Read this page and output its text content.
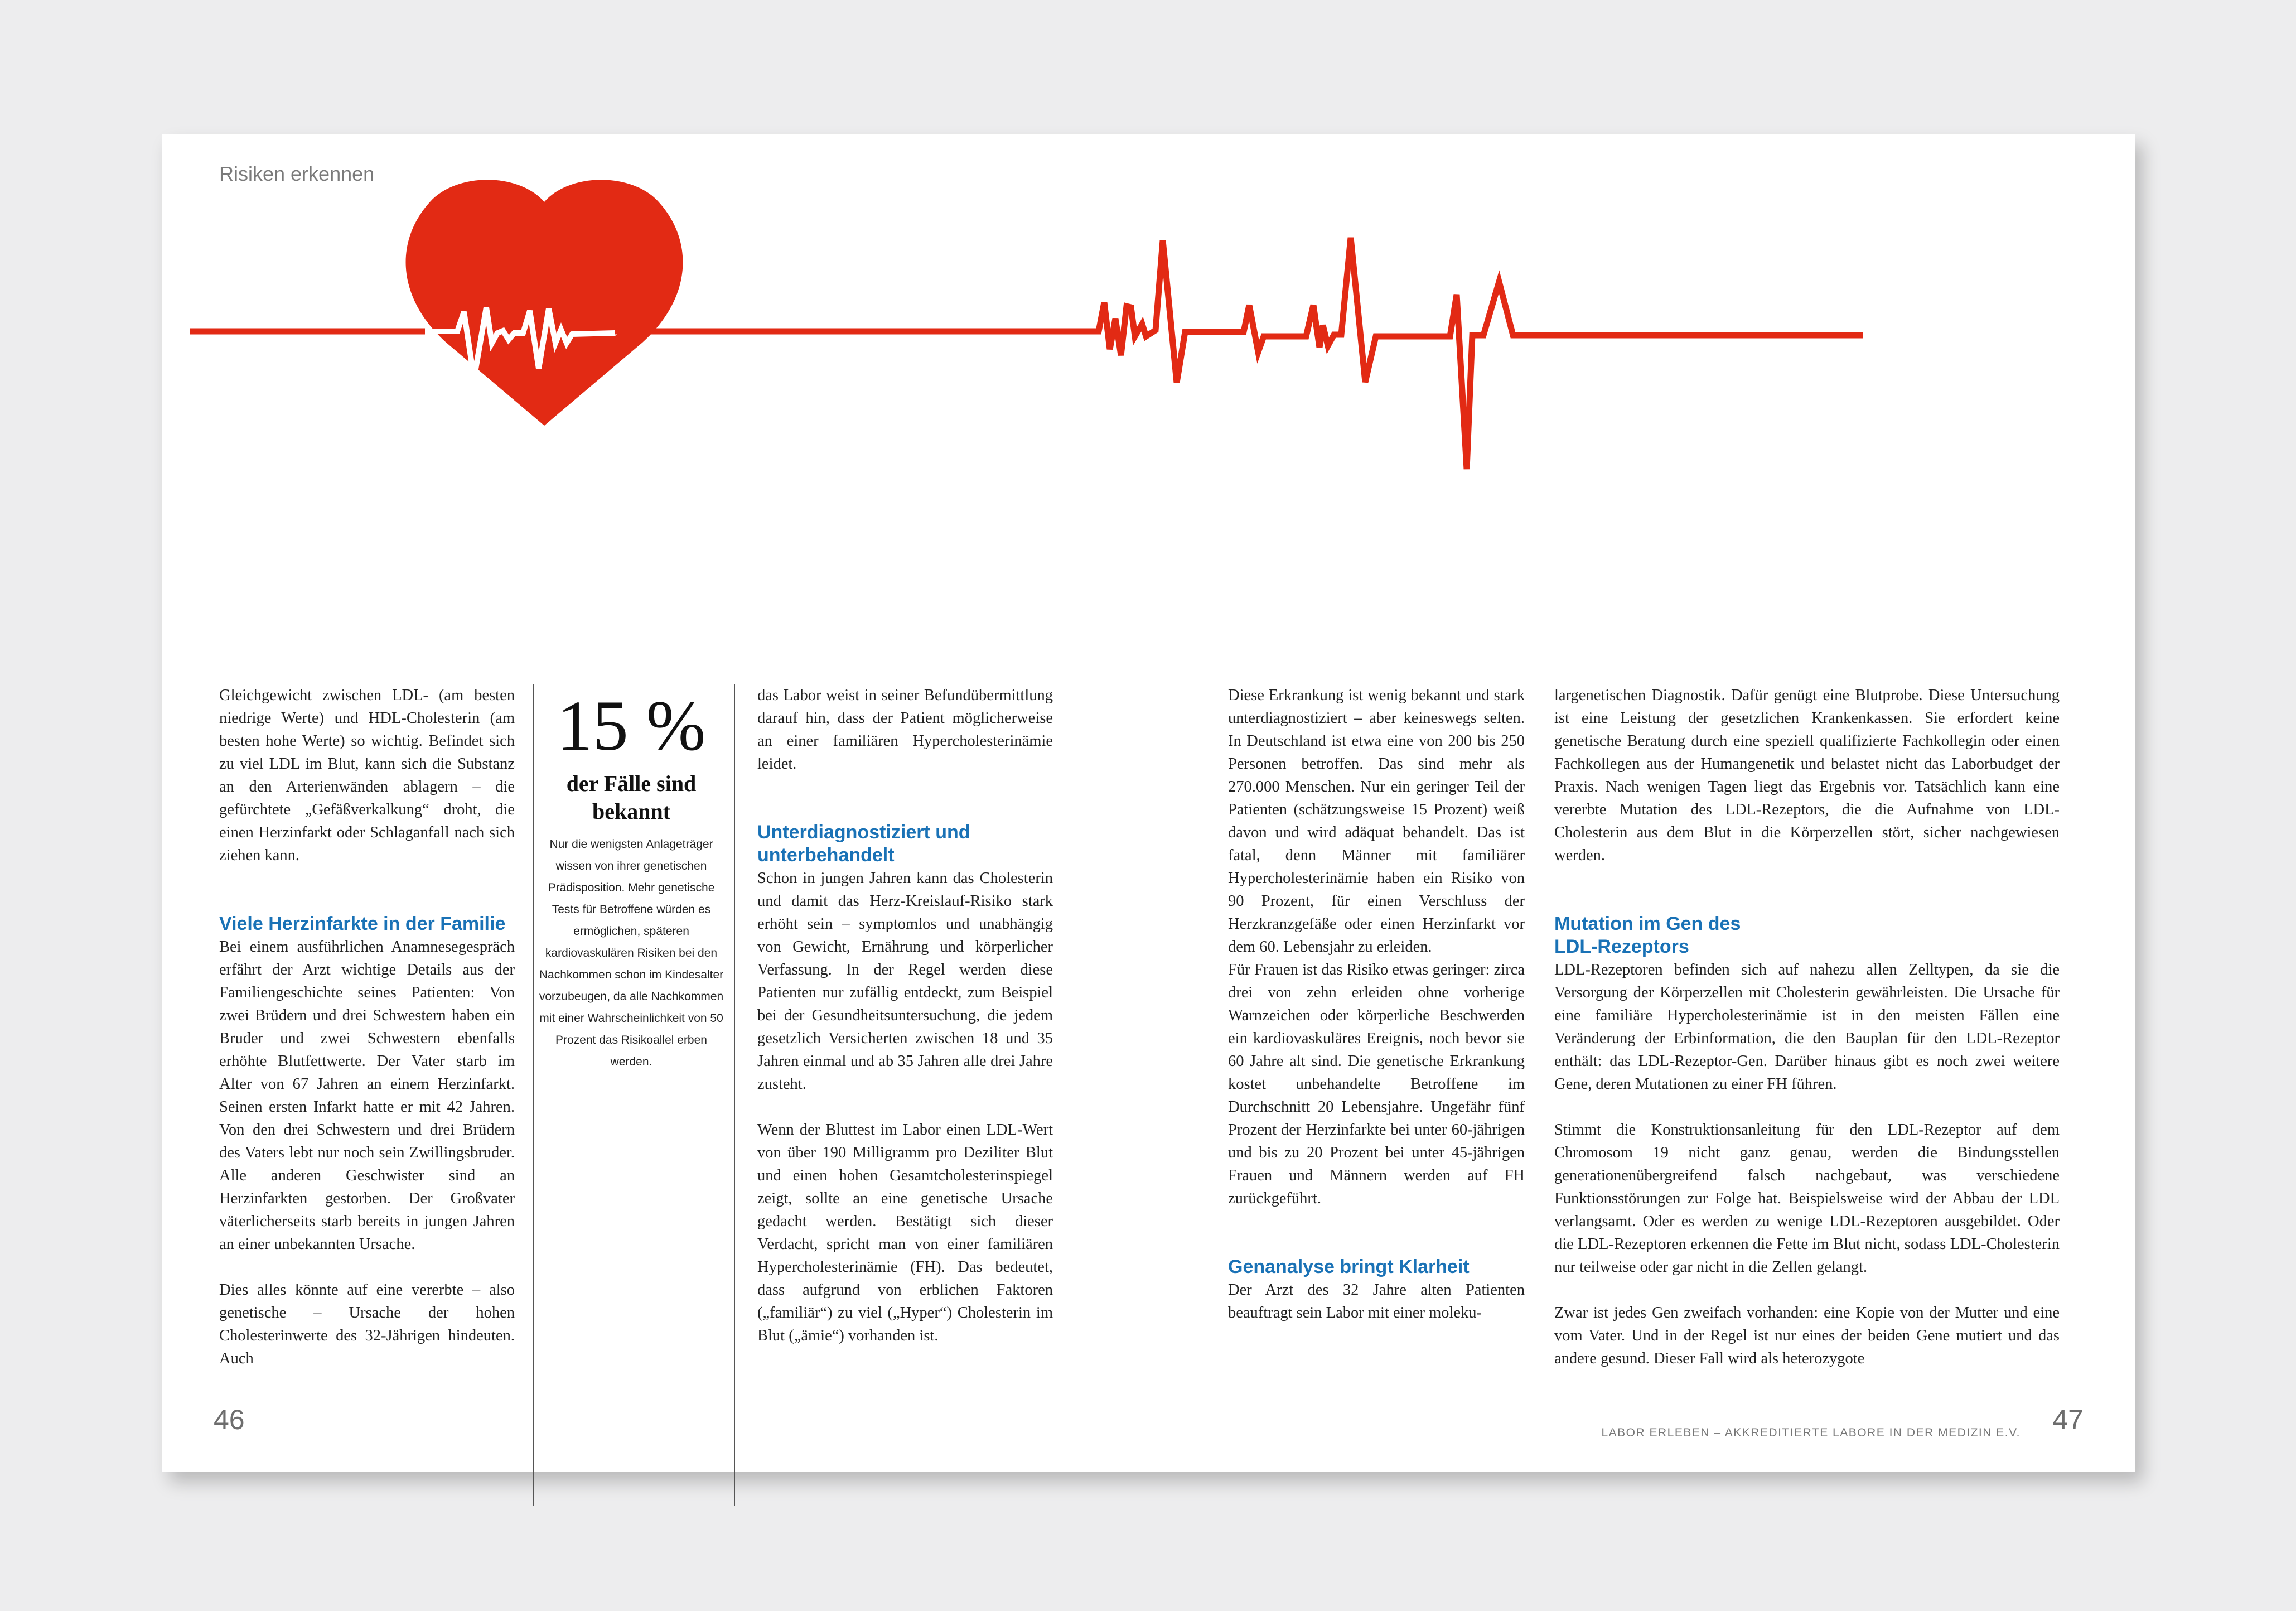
Risiken erkennen

Gleichgewicht zwischen LDL- (am besten niedrige Werte) und HDL-Cholesterin (am besten hohe Werte) so wichtig. Befindet sich zu viel LDL im Blut, kann sich die Substanz an den Arterienwänden ablagern – die gefürchtete „Gefäßverkalkung“ droht, die einen Herzinfarkt oder Schlaganfall nach sich ziehen kann.

Viele Herzinfarkte in der Familie

Bei einem ausführlichen Anamnesegespräch erfährt der Arzt wichtige Details aus der Familiengeschichte seines Patienten: Von zwei Brüdern und drei Schwestern haben ein Bruder und zwei Schwestern ebenfalls erhöhte Blutfettwerte. Der Vater starb im Alter von 67 Jahren an einem Herzinfarkt. Seinen ersten Infarkt hatte er mit 42 Jahren. Von den drei Schwestern und drei Brüdern des Vaters lebt nur noch sein Zwillingsbruder. Alle anderen Geschwister sind an Herzinfarkten gestorben. Der Großvater väterlicherseits starb bereits in jungen Jahren an einer unbekannten Ursache.

Dies alles könnte auf eine vererbte – also genetische – Ursache der hohen Cholesterinwerte des 32-Jährigen hindeuten. Auch

15 %
der Fälle sind bekannt
Nur die wenigsten Anlageträger wissen von ihrer genetischen Prädisposition. Mehr genetische Tests für Betroffene würden es ermöglichen, späteren kardiovaskulären Risiken bei den Nachkommen schon im Kindesalter vorzubeugen, da alle Nachkommen mit einer Wahrscheinlichkeit von 50 Prozent das Risikoallel erben werden.

das Labor weist in seiner Befundübermittlung darauf hin, dass der Patient möglicherweise an einer familiären Hypercholesterinämie leidet.

Unterdiagnostiziert und unterbehandelt

Schon in jungen Jahren kann das Cholesterin und damit das Herz-Kreislauf-Risiko stark erhöht sein – symptomlos und unabhängig von Gewicht, Ernährung und körperlicher Verfassung. In der Regel werden diese Patienten nur zufällig entdeckt, zum Beispiel bei der Gesundheitsuntersuchung, die jedem gesetzlich Versicherten zwischen 18 und 35 Jahren einmal und ab 35 Jahren alle drei Jahre zusteht.

Wenn der Bluttest im Labor einen LDL-Wert von über 190 Milligramm pro Deziliter Blut und einen hohen Gesamtcholesterinspiegel zeigt, sollte an eine genetische Ursache gedacht werden. Bestätigt sich dieser Verdacht, spricht man von einer familiären Hypercholesterinämie (FH). Das bedeutet, dass aufgrund von erblichen Faktoren („familiär“) zu viel („Hyper“) Cholesterin im Blut („ämie“) vorhanden ist.

Diese Erkrankung ist wenig bekannt und stark unterdiagnostiziert – aber keineswegs selten. In Deutschland ist etwa eine von 200 bis 250 Personen betroffen. Das sind mehr als 270.000 Menschen. Nur ein geringer Teil der Patienten (schätzungsweise 15 Prozent) weiß davon und wird adäquat behandelt. Das ist fatal, denn Männer mit familiärer Hypercholesterinämie haben ein Risiko von 90 Prozent, für einen Verschluss der Herzkranzgefäße oder einen Herzinfarkt vor dem 60. Lebensjahr zu erleiden.

Für Frauen ist das Risiko etwas geringer: zirca drei von zehn erleiden ohne vorherige Warnzeichen oder körperliche Beschwerden ein kardiovaskuläres Ereignis, noch bevor sie 60 Jahre alt sind. Die genetische Erkrankung kostet unbehandelte Betroffene im Durchschnitt 20 Lebensjahre. Ungefähr fünf Prozent der Herzinfarkte bei unter 60-jährigen und bis zu 20 Prozent bei unter 45-jährigen Frauen und Männern werden auf FH zurückgeführt.

Genanalyse bringt Klarheit

Der Arzt des 32 Jahre alten Patienten beauftragt sein Labor mit einer moleku-

largenetischen Diagnostik. Dafür genügt eine Blutprobe. Diese Untersuchung ist eine Leistung der gesetzlichen Krankenkassen. Sie erfordert keine genetische Beratung durch eine speziell qualifizierte Fachkollegin oder einen Fachkollegen aus der Humangenetik und belastet nicht das Laborbudget der Praxis. Nach wenigen Tagen liegt das Ergebnis vor. Tatsächlich kann eine vererbte Mutation des LDL-Rezeptors, die die Aufnahme von LDL-Cholesterin aus dem Blut in die Körperzellen stört, sicher nachgewiesen werden.

Mutation im Gen des LDL-Rezeptors

LDL-Rezeptoren befinden sich auf nahezu allen Zelltypen, da sie die Versorgung der Körperzellen mit Cholesterin gewährleisten. Die Ursache für eine familiäre Hypercholesterinämie ist in den meisten Fällen eine Veränderung der Erbinformation, die den Bauplan für den LDL-Rezeptor enthält: das LDL-Rezeptor-Gen. Darüber hinaus gibt es noch zwei weitere Gene, deren Mutationen zu einer FH führen.

Stimmt die Konstruktionsanleitung für den LDL-Rezeptor auf dem Chromosom 19 nicht ganz genau, werden die Bindungsstellen generationenübergreifend falsch nachgebaut, was verschiedene Funktionsstörungen zur Folge hat. Beispielsweise wird der Abbau der LDL verlangsamt. Oder es werden zu wenige LDL-Rezeptoren ausgebildet. Oder die LDL-Rezeptoren erkennen die Fette im Blut nicht, sodass LDL-Cholesterin nur teilweise oder gar nicht in die Zellen gelangt.

Zwar ist jedes Gen zweifach vorhanden: eine Kopie von der Mutter und eine vom Vater. Und in der Regel ist nur eines der beiden Gene mutiert und das andere gesund. Dieser Fall wird als heterozygote

46	LABOR ERLEBEN – AKKREDITIERTE LABORE IN DER MEDIZIN E.V. 47
